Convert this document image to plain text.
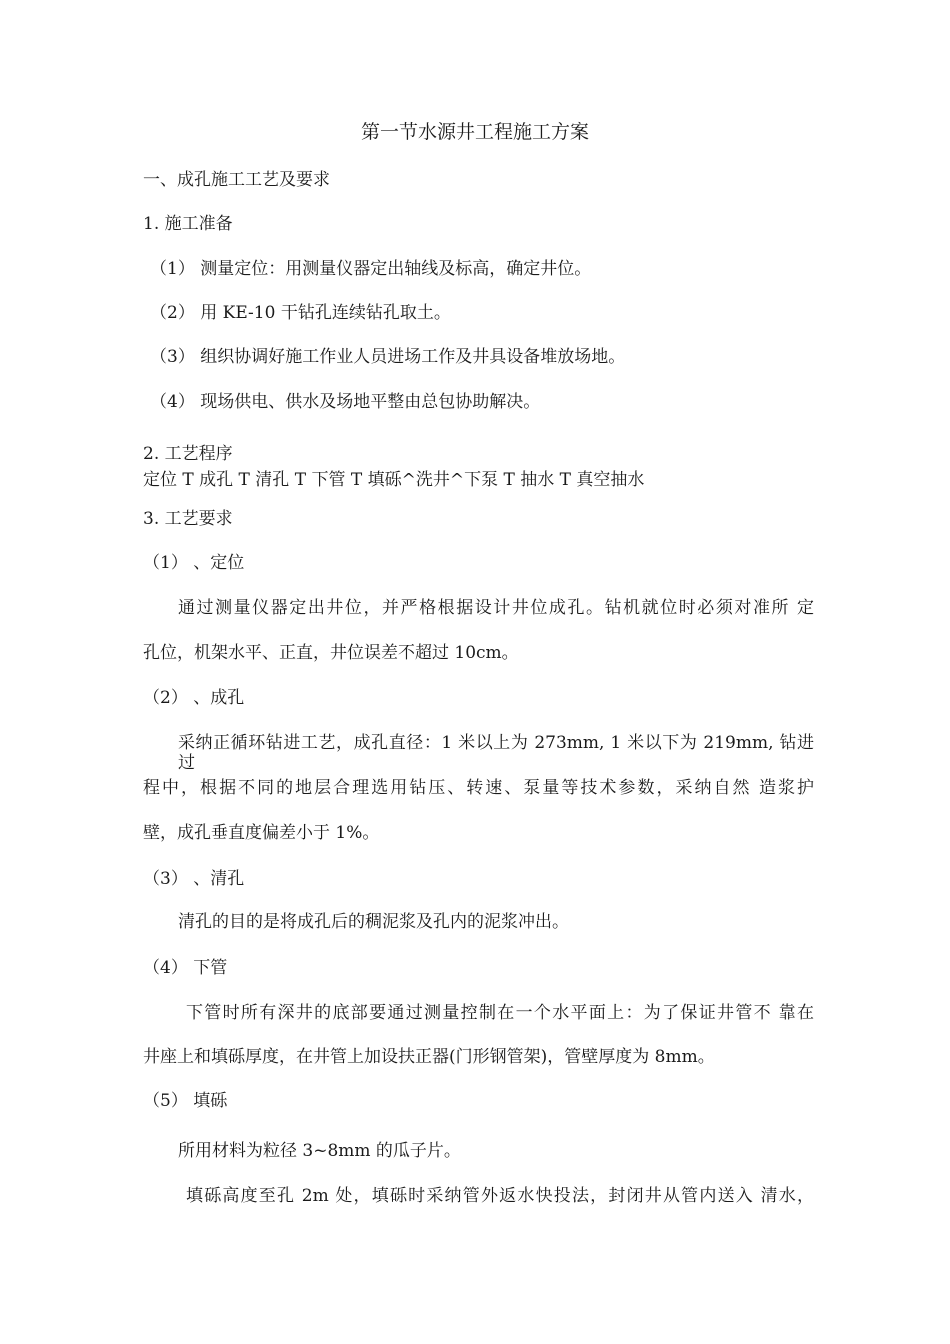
第一节水源井工程施工方案
一、成孔施工工艺及要求
1. 施工准备
（1） 测量定位：用测量仪器定出轴线及标高，确定井位。
（2） 用 KE-10 干钻孔连续钻孔取土。
（3） 组织协调好施工作业人员进场工作及井具设备堆放场地。
（4） 现场供电、供水及场地平整由总包协助解决。
2. 工艺程序
定位 T 成孔 T 清孔 T 下管 T 填砾^洗井^下泵 T 抽水 T 真空抽水
3. 工艺要求
（1） 、定位
通过测量仪器定出井位，并严格根据设计井位成孔。钻机就位时必须对准所 定
孔位，机架水平、正直，井位误差不超过 10cm。
（2） 、成孔
采纳正循环钻进工艺，成孔直径：1 米以上为 273mm, 1 米以下为 219mm, 钻进过
程中，根据不同的地层合理选用钻压、转速、泵量等技术参数，采纳自然 造浆护
壁，成孔垂直度偏差小于 1%。
（3） 、清孔
清孔的目的是将成孔后的稠泥浆及孔内的泥浆冲出。
（4） 下管
下管时所有深井的底部要通过测量控制在一个水平面上：为了保证井管不 靠在
井座上和填砾厚度，在井管上加设扶正器(门形钢管架)，管壁厚度为 8mm。
（5） 填砾
所用材料为粒径 3~8mm 的瓜子片。
填砾高度至孔 2m 处，填砾时采纳管外返水快投法，封闭井从管内送入 清水，
